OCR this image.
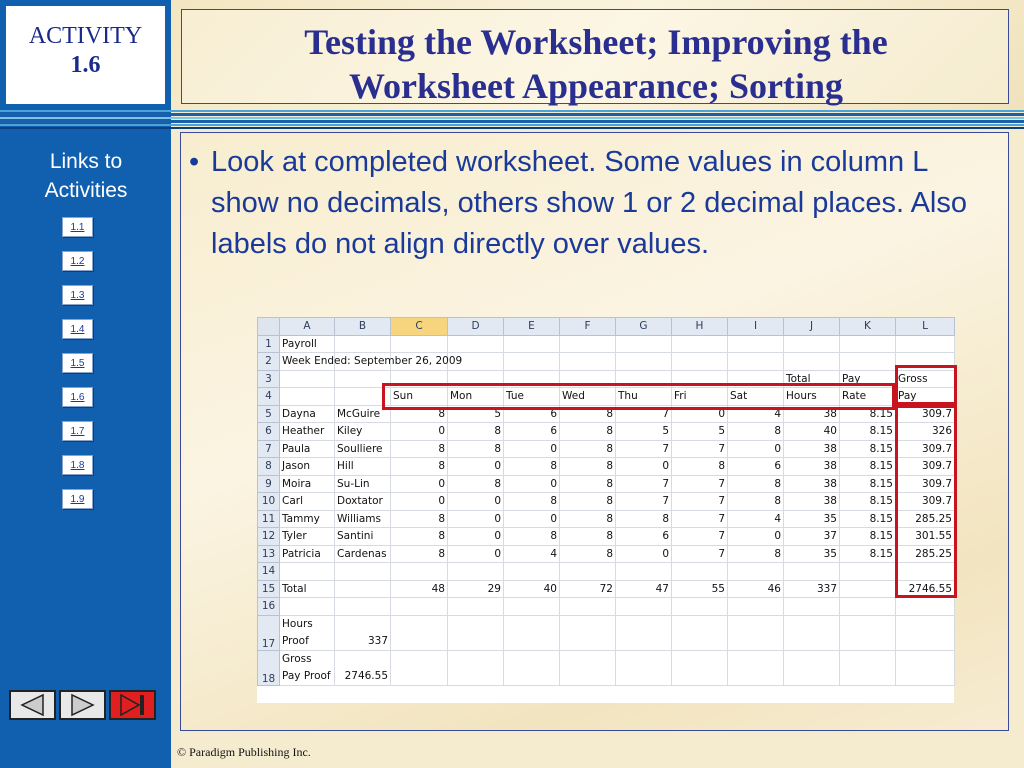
ACTIVITY
1.6
Testing the Worksheet; Improving the
Worksheet Appearance; Sorting
Links to Activities
1.1
1.2
1.3
1.4
1.5
1.6
1.7
1.8
1.9
• Look at completed worksheet. Some values in column L show no decimals, others show 1 or 2 decimal places. Also labels do not align directly over values.
	A	B	C	D	E	F	G	H	I	J	K	L
1	Payroll											
2	Week Ended: September 26, 2009											
3										Total	Pay	Gross
4			Sun	Mon	Tue	Wed	Thu	Fri	Sat	Hours	Rate	Pay
5	Dayna	McGuire	8	5	6	8	7	0	4	38	8.15	309.7
6	Heather	Kiley	0	8	6	8	5	5	8	40	8.15	326
7	Paula	Soulliere	8	8	0	8	7	7	0	38	8.15	309.7
8	Jason	Hill	8	0	8	8	0	8	6	38	8.15	309.7
9	Moira	Su-Lin	0	8	0	8	7	7	8	38	8.15	309.7
10	Carl	Doxtator	0	0	8	8	7	7	8	38	8.15	309.7
11	Tammy	Williams	8	0	0	8	8	7	4	35	8.15	285.25
12	Tyler	Santini	8	0	8	8	6	7	0	37	8.15	301.55
13	Patricia	Cardenas	8	0	4	8	0	7	8	35	8.15	285.25
14												
15	Total		48	29	40	72	47	55	46	337		2746.55
16												
17	Hours
Proof	337										
18	Gross
Pay Proof	2746.55										
© Paradigm Publishing Inc.
